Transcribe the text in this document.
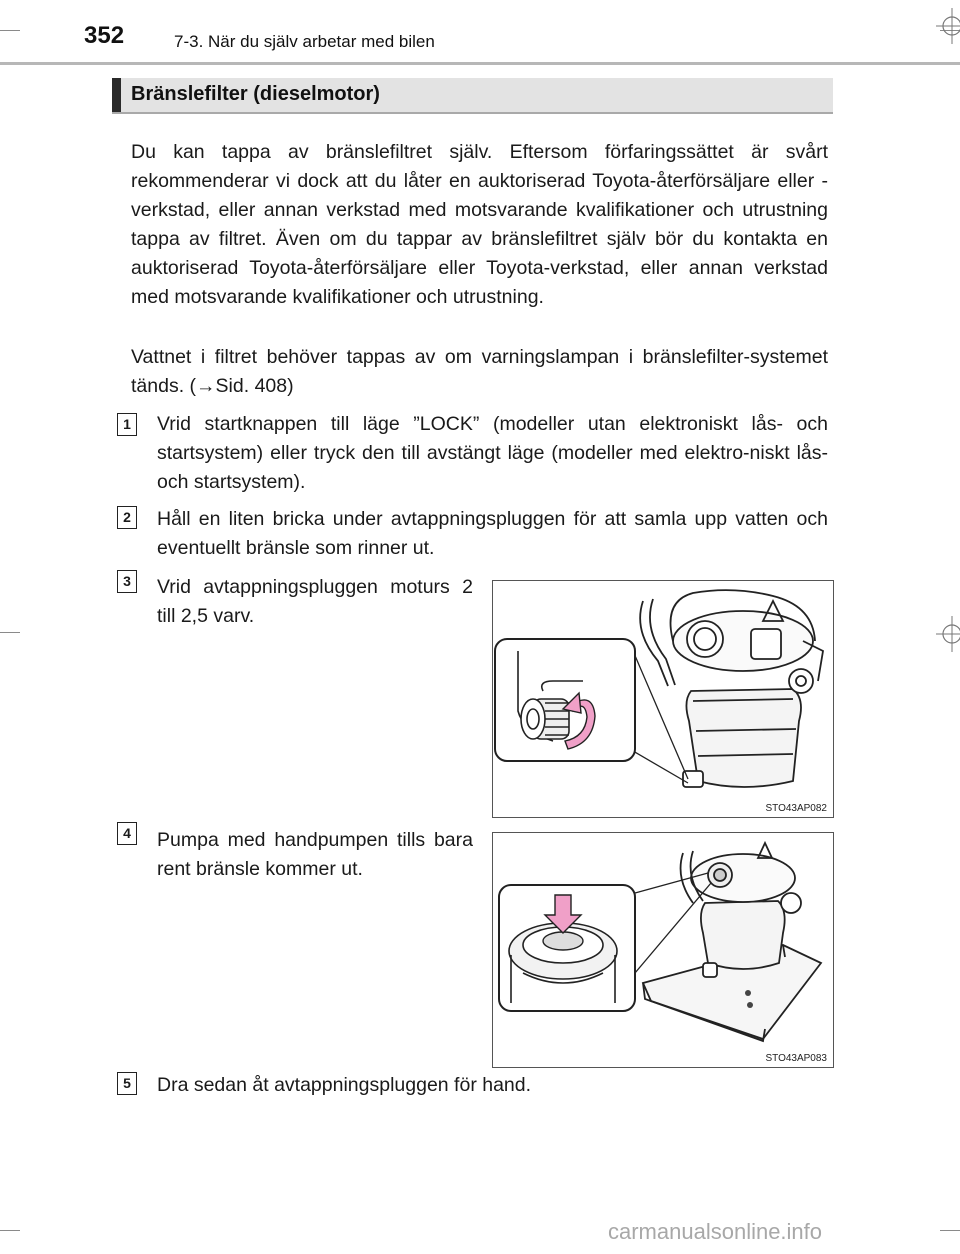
352	7-3. När du själv arbetar med bilen
Bränslefilter (dieselmotor)

Du kan tappa av bränslefiltret själv. Eftersom förfaringssättet är svårt rekommenderar vi dock att du låter en auktoriserad Toyota-återförsäljare eller -verkstad, eller annan verkstad med motsvarande kvalifikationer och utrustning tappa av filtret. Även om du tappar av bränslefiltret själv bör du kontakta en auktoriserad Toyota-återförsäljare eller Toyota-verkstad, eller annan verkstad med motsvarande kvalifikationer och utrustning.

Vattnet i filtret behöver tappas av om varningslampan i bränslefilter-systemet tänds. (→Sid. 408)

1	Vrid startknappen till läge ”LOCK” (modeller utan elektroniskt lås- och startsystem) eller tryck den till avstängt läge (modeller med elektro-niskt lås- och startsystem).

2	Håll en liten bricka under avtappningspluggen för att samla upp vatten och eventuellt bränsle som rinner ut.

3	Vrid avtappningspluggen moturs 2 till 2,5 varv.

STO43AP082
4	Pumpa med handpumpen tills bara rent bränsle kommer ut.

STO43AP083
5	Dra sedan åt avtappningspluggen för hand.

carmanualsonline.info
